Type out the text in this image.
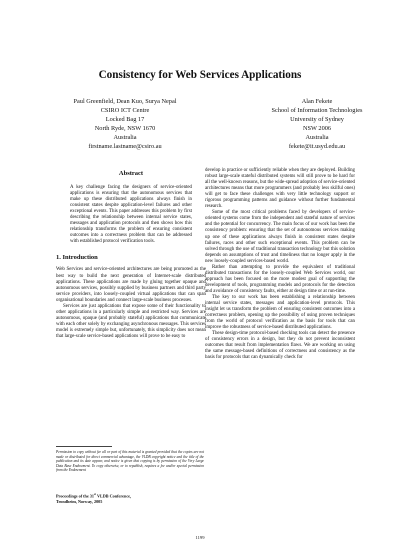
Consistency for Web Services Applications
Paul Greenfield, Dean Kuo, Surya Nepal
CSIRO ICT Centre
Locked Bag 17
North Ryde, NSW 1670
Australia
firstname.lastname@csiro.au
Alan Fekete
School of Information Technologies
University of Sydney
NSW 2006
Australia
fekete@it.usyd.edu.au
Abstract

A key challenge facing the designers of service-oriented applications is ensuring that the autonomous services that make up these distributed applications always finish in consistent states despite application-level failures and other exceptional events. This paper addresses this problem by first describing the relationship between internal service states, messages and application protocols and then shows how this relationship transforms the problem of ensuring consistent outcomes into a correctness problem that can be addressed with established protocol verification tools.

1. Introduction

Web Services and service-oriented architectures are being promoted as the best way to build the next generation of Internet-scale distributed applications. These applications are made by gluing together opaque and autonomous services, possibly supplied by business partners and third party service providers, into loosely-coupled virtual applications that can span organisational boundaries and connect large-scale business processes.

Services are just applications that expose some of their functionality to other applications in a particularly simple and restricted way. Services are autonomous, opaque (and probably stateful) applications that communicate with each other solely by exchanging asynchronous messages. This services model is extremely simple but, unfortunately, this simplicity does not mean that large-scale service-based applications will prove to be easy to

Permission to copy without fee all or part of this material is granted provided that the copies are not made or distributed for direct commercial advantage, the VLDB copyright notice and the title of the publication and its date appear, and notice is given that copying is by permission of the Very Large Data Base Endowment. To copy otherwise, or to republish, requires a fee and/or special permission from the Endowment
Proceedings of the 31st VLDB Conference,
Trondheim, Norway, 2005

develop in practice or sufficiently reliable when they are deployed. Building robust large-scale stateful distributed systems will still prove to be hard for all the well-known reasons, but the wide-spread adoption of service-oriented architectures means that more programmers (and probably less skilful ones) will get to face these challenges with very little technology support or rigorous programming patterns and guidance without further fundamental research.

Some of the most critical problems faced by developers of service-oriented systems come from the independent and stateful nature of services and the potential for concurrency. The main focus of our work has been the consistency problem: ensuring that the set of autonomous services making up one of these applications always finish in consistent states despite failures, races and other such exceptional events. This problem can be solved through the use of traditional transaction technology but this solution depends on assumptions of trust and timeliness that no longer apply in the new loosely-coupled services-based world.

Rather than attempting to provide the equivalent of traditional distributed transactions for the loosely-coupled Web Services world, our approach has been focused on the more modest goal of supporting the development of tools, programming models and protocols for the detection and avoidance of consistency faults, either at design time or at run-time.

The key to our work has been establishing a relationship between internal service states, messages and application-level protocols. This insight let us transform the problem of ensuring consistent outcomes into a correctness problem, opening up the possibility of using proven techniques from the world of protocol verification as the basis for tools that can improve the robustness of service-based distributed applications.

These design-time protocol-based checking tools can detect the presence of consistency errors in a design, but they do not prevent inconsistent outcomes that result from implementation flaws. We are working on using the same message-based definitions of correctness and consistency as the basis for protocols that can dynamically check for

1199
